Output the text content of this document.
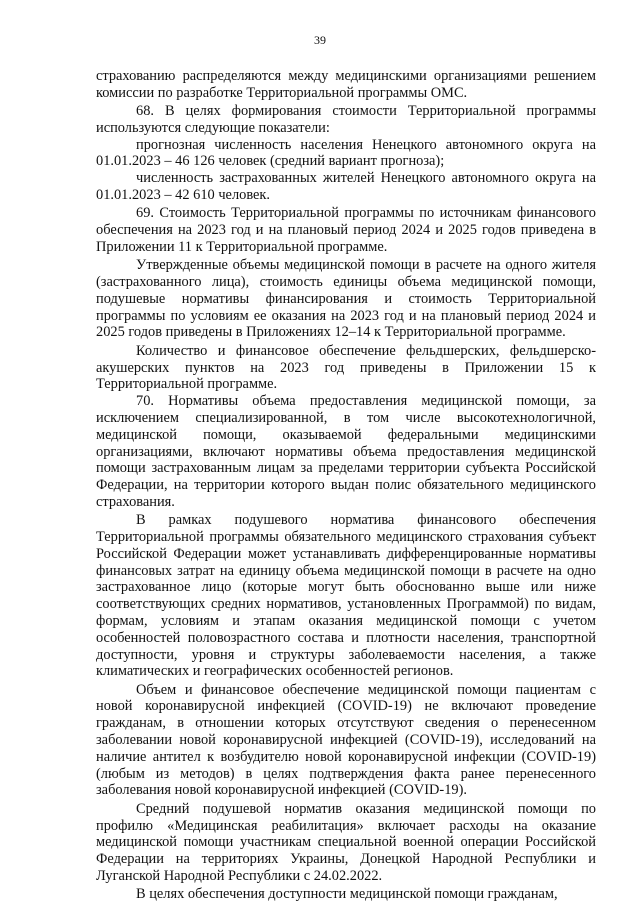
39

страхованию распределяются между медицинскими организациями решением комиссии по разработке Территориальной программы ОМС.

68. В целях формирования стоимости Территориальной программы используются следующие показатели:

прогнозная численность населения Ненецкого автономного округа на 01.01.2023 – 46 126 человек (средний вариант прогноза);

численность застрахованных жителей Ненецкого автономного округа на 01.01.2023 – 42 610 человек.

69. Стоимость Территориальной программы по источникам финансового обеспечения на 2023 год и на плановый период 2024 и 2025 годов приведена в Приложении 11 к Территориальной программе.

Утвержденные объемы медицинской помощи в расчете на одного жителя (застрахованного лица), стоимость единицы объема медицинской помощи, подушевые нормативы финансирования и стоимость Территориальной программы по условиям ее оказания на 2023 год и на плановый период 2024 и 2025 годов приведены в Приложениях 12–14 к Территориальной программе.

Количество и финансовое обеспечение фельдшерских, фельдшерско-акушерских пунктов на 2023 год приведены в Приложении 15 к Территориальной программе.

70. Нормативы объема предоставления медицинской помощи, за исключением специализированной, в том числе высокотехнологичной, медицинской помощи, оказываемой федеральными медицинскими организациями, включают нормативы объема предоставления медицинской помощи застрахованным лицам за пределами территории субъекта Российской Федерации, на территории которого выдан полис обязательного медицинского страхования.

В рамках подушевого норматива финансового обеспечения Территориальной программы обязательного медицинского страхования субъект Российской Федерации может устанавливать дифференцированные нормативы финансовых затрат на единицу объема медицинской помощи в расчете на одно застрахованное лицо (которые могут быть обоснованно выше или ниже соответствующих средних нормативов, установленных Программой) по видам, формам, условиям и этапам оказания медицинской помощи с учетом особенностей половозрастного состава и плотности населения, транспортной доступности, уровня и структуры заболеваемости населения, а также климатических и географических особенностей регионов.

Объем и финансовое обеспечение медицинской помощи пациентам с новой коронавирусной инфекцией (COVID-19) не включают проведение гражданам, в отношении которых отсутствуют сведения о перенесенном заболевании новой коронавирусной инфекцией (COVID-19), исследований на наличие антител к возбудителю новой коронавирусной инфекции (COVID-19) (любым из методов) в целях подтверждения факта ранее перенесенного заболевания новой коронавирусной инфекцией (COVID-19).

Средний подушевой норматив оказания медицинской помощи по профилю «Медицинская реабилитация» включает расходы на оказание медицинской помощи участникам специальной военной операции Российской Федерации на территориях Украины, Донецкой Народной Республики и Луганской Народной Республики с 24.02.2022.

В целях обеспечения доступности медицинской помощи гражданам,
